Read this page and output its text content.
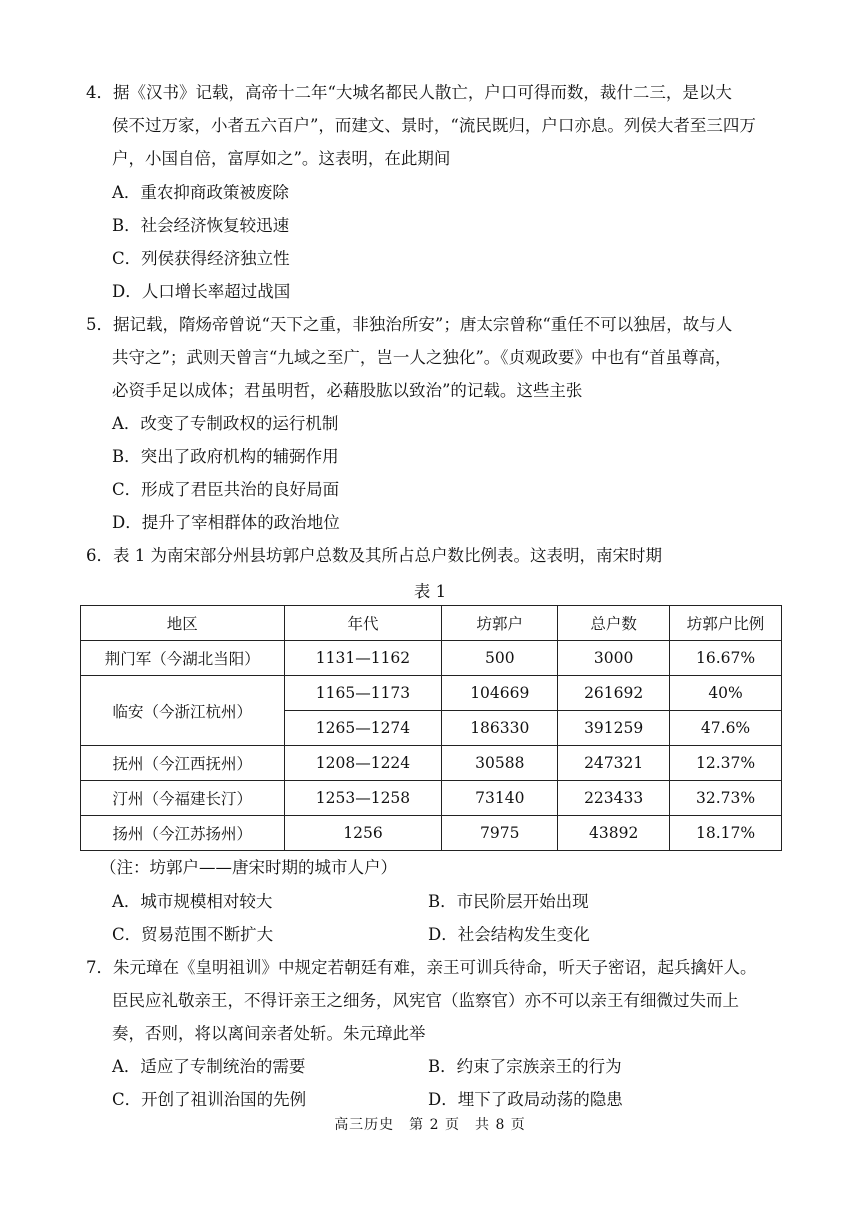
4．据《汉书》记载，高帝十二年“大城名都民人散亡，户口可得而数，裁什二三，是以大
侯不过万家，小者五六百户”，而建文、景时，“流民既归，户口亦息。列侯大者至三四万
户，小国自倍，富厚如之”。这表明，在此期间
A．重农抑商政策被废除
B．社会经济恢复较迅速
C．列侯获得经济独立性
D．人口增长率超过战国
5．据记载，隋炀帝曾说“天下之重，非独治所安”；唐太宗曾称“重任不可以独居，故与人
共守之”；武则天曾言“九域之至广，岂一人之独化”。《贞观政要》中也有“首虽尊高，
必资手足以成体；君虽明哲，必藉股肱以致治”的记载。这些主张
A．改变了专制政权的运行机制
B．突出了政府机构的辅弼作用
C．形成了君臣共治的良好局面
D．提升了宰相群体的政治地位
6．表 1 为南宋部分州县坊郭户总数及其所占总户数比例表。这表明，南宋时期
表 1
地区	年代	坊郭户	总户数	坊郭户比例
荆门军（今湖北当阳）	1131—1162	500	3000	16.67%
临安（今浙江杭州）	1165—1173	104669	261692	40%
	1265—1274	186330	391259	47.6%
抚州（今江西抚州）	1208—1224	30588	247321	12.37%
汀州（今福建长汀）	1253—1258	73140	223433	32.73%
扬州（今江苏扬州）	1256	7975	43892	18.17%
（注：坊郭户——唐宋时期的城市人户）
A．城市规模相对较大	B．市民阶层开始出现
C．贸易范围不断扩大	D．社会结构发生变化
7．朱元璋在《皇明祖训》中规定若朝廷有难，亲王可训兵待命，听天子密诏，起兵擒奸人。
臣民应礼敬亲王，不得讦亲王之细务，风宪官（监察官）亦不可以亲王有细微过失而上
奏，否则，将以离间亲者处斩。朱元璋此举
A．适应了专制统治的需要	B．约束了宗族亲王的行为
C．开创了祖训治国的先例	D．埋下了政局动荡的隐患
高三历史　第 2 页　共 8 页
